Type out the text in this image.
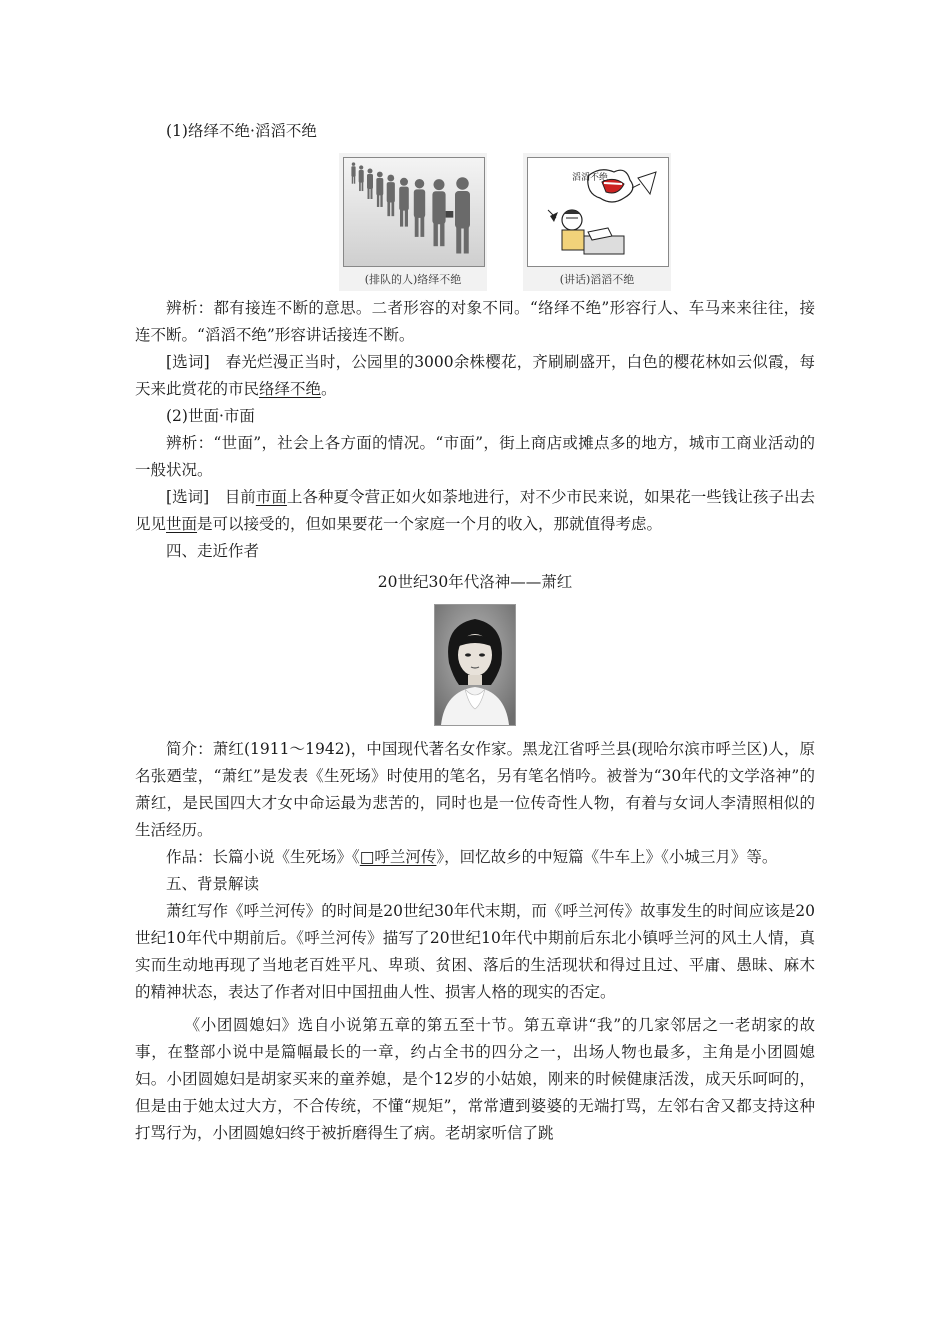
(1)络绎不绝·滔滔不绝

(排队的人)络绎不绝
滔滔不绝
(讲话)滔滔不绝

辨析：都有接连不断的意思。二者形容的对象不同。“络绎不绝”形容行人、车马来来往往，接连不断。“滔滔不绝”形容讲话接连不断。

[选词]　春光烂漫正当时，公园里的3000余株樱花，齐刷刷盛开，白色的樱花林如云似霞，每天来此赏花的市民络绎不绝。

(2)世面·市面

辨析：“世面”，社会上各方面的情况。“市面”，街上商店或摊点多的地方，城市工商业活动的一般状况。

[选词]　目前市面上各种夏令营正如火如荼地进行，对不少市民来说，如果花一些钱让孩子出去见见世面是可以接受的，但如果要花一个家庭一个月的收入，那就值得考虑。

四、走近作者

20世纪30年代洛神——萧红

简介：萧红(1911～1942)，中国现代著名女作家。黑龙江省呼兰县(现哈尔滨市呼兰区)人，原名张廼莹，“萧红”是发表《生死场》时使用的笔名，另有笔名悄吟。被誉为“30年代的文学洛神”的萧红，是民国四大才女中命运最为悲苦的，同时也是一位传奇性人物，有着与女词人李清照相似的生活经历。

作品：长篇小说《生死场》《□呼兰河传》，回忆故乡的中短篇《牛车上》《小城三月》等。

五、背景解读

萧红写作《呼兰河传》的时间是20世纪30年代末期，而《呼兰河传》故事发生的时间应该是20世纪10年代中期前后。《呼兰河传》描写了20世纪10年代中期前后东北小镇呼兰河的风土人情，真实而生动地再现了当地老百姓平凡、卑琐、贫困、落后的生活现状和得过且过、平庸、愚昧、麻木的精神状态，表达了作者对旧中国扭曲人性、损害人格的现实的否定。

《小团圆媳妇》选自小说第五章的第五至十节。第五章讲“我”的几家邻居之一老胡家的故事，在整部小说中是篇幅最长的一章，约占全书的四分之一，出场人物也最多，主角是小团圆媳妇。小团圆媳妇是胡家买来的童养媳，是个12岁的小姑娘，刚来的时候健康活泼，成天乐呵呵的，但是由于她太过大方，不合传统，不懂“规矩”，常常遭到婆婆的无端打骂，左邻右舍又都支持这种打骂行为，小团圆媳妇终于被折磨得生了病。老胡家听信了跳
